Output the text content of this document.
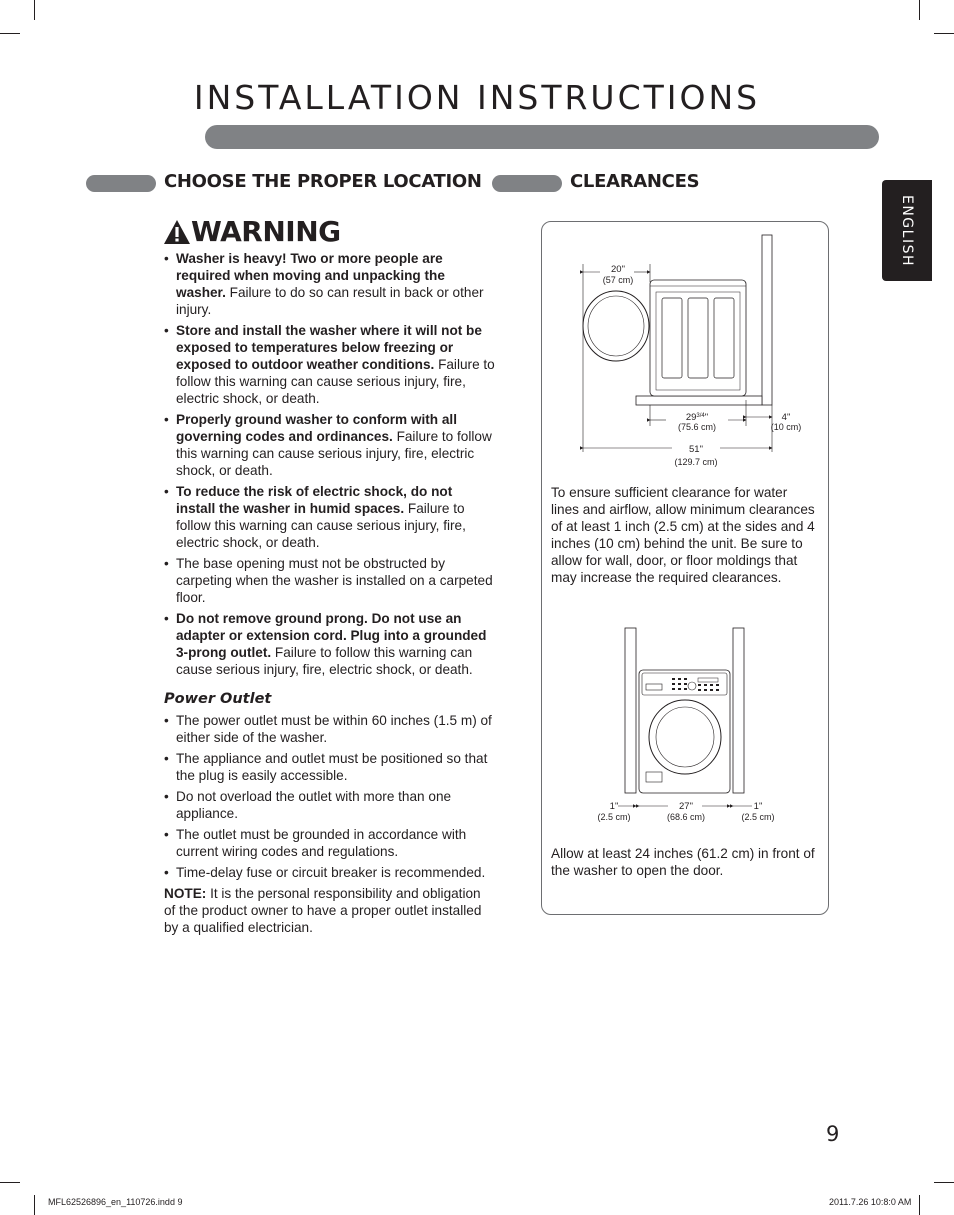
INSTALLATION INSTRUCTIONS
ENGLISH
CHOOSE THE PROPER LOCATION	CLEARANCES
WARNING
• Washer is heavy! Two or more people are required when moving and unpacking the washer. Failure to do so can result in back or other injury.
• Store and install the washer where it will not be exposed to temperatures below freezing or exposed to outdoor weather conditions. Failure to follow this warning can cause serious injury, fire, electric shock, or death.
• Properly ground washer to conform with all governing codes and ordinances. Failure to follow this warning can cause serious injury, fire, electric shock, or death.
• To reduce the risk of electric shock, do not install the washer in humid spaces. Failure to follow this warning can cause serious injury, fire, electric shock, or death.
• The base opening must not be obstructed by carpeting when the washer is installed on a carpeted floor.
• Do not remove ground prong. Do not use an adapter or extension cord. Plug into a grounded 3-prong outlet. Failure to follow this warning can cause serious injury, fire, electric shock, or death.
Power Outlet
• The power outlet must be within 60 inches (1.5 m) of either side of the washer.
• The appliance and outlet must be positioned so that the plug is easily accessible.
• Do not overload the outlet with more than one appliance.
• The outlet must be grounded in accordance with current wiring codes and regulations.
• Time-delay fuse or circuit breaker is recommended.
NOTE: It is the personal responsibility and obligation of the product owner to have a proper outlet installed by a qualified electrician.
20"
(57 cm)
$29^{3/4}$"
(75.6 cm)
4"
(10 cm)
51"
(129.7 cm)
To ensure sufficient clearance for water lines and airflow, allow minimum clearances of at least 1 inch (2.5 cm) at the sides and 4 inches (10 cm) behind the unit. Be sure to allow for wall, door, or floor moldings that may increase the required clearances.
1"
(2.5 cm)
27"
(68.6 cm)
1"
(2.5 cm)
Allow at least 24 inches (61.2 cm) in front of the washer to open the door.
9
MFL62526896_en_110726.indd 9	2011.7.26 10:8:0 AM
